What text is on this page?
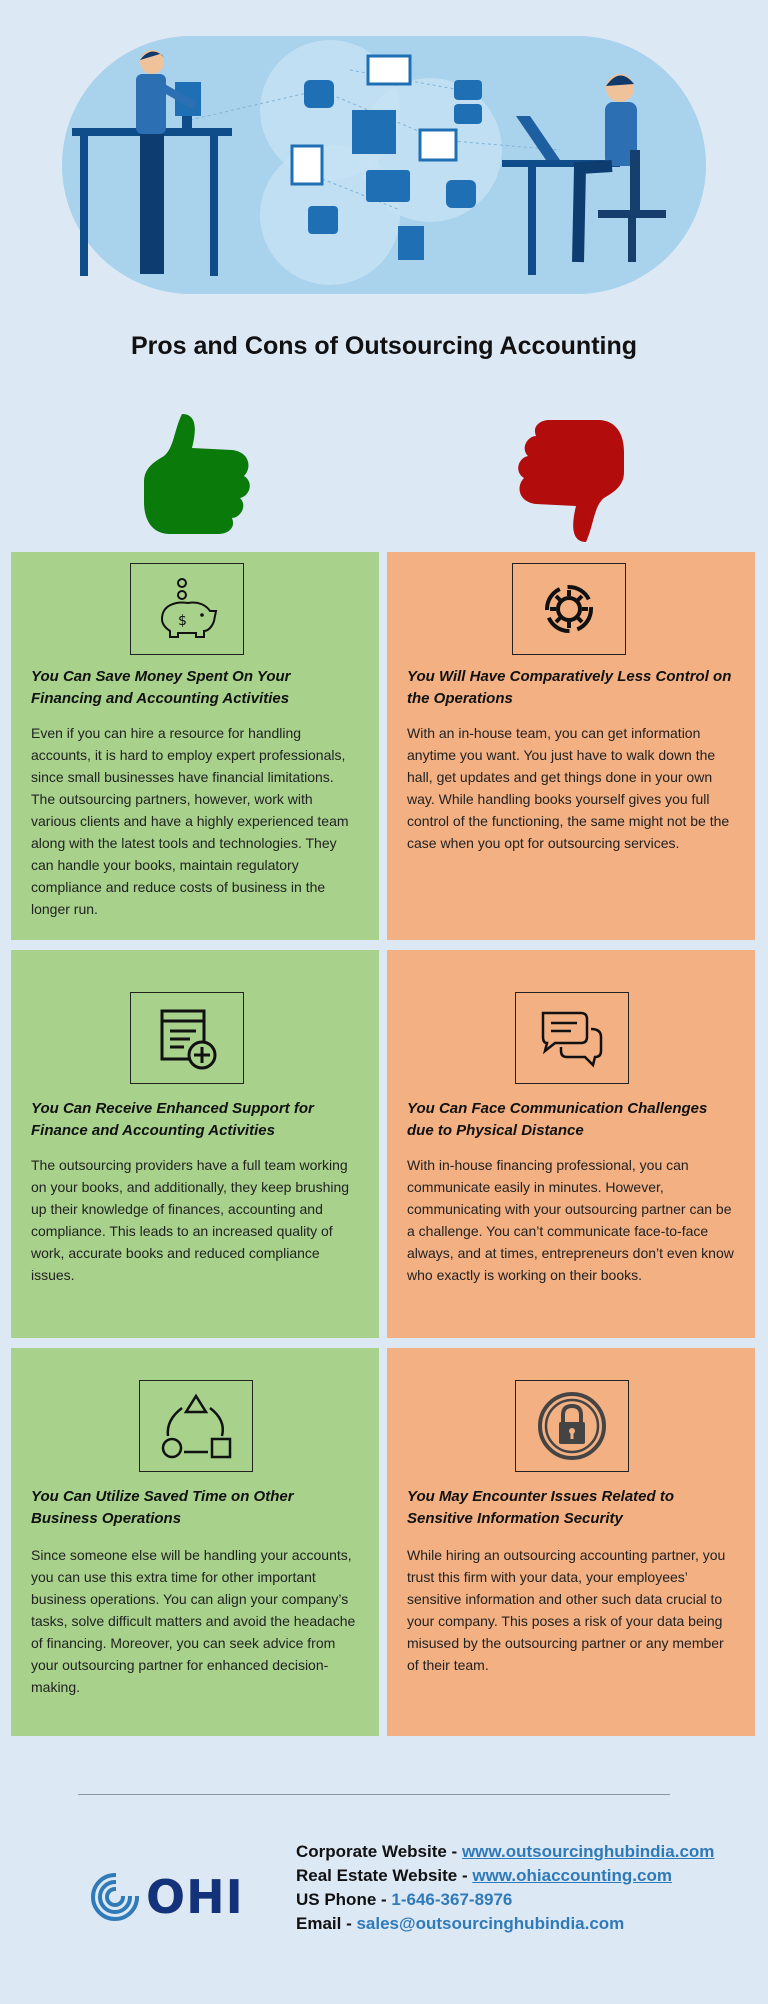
Pros and Cons of Outsourcing Accounting
$
You Can Save Money Spent On Your Financing and Accounting Activities

Even if you can hire a resource for handling accounts, it is hard to employ expert professionals, since small businesses have financial limitations. The outsourcing partners, however, work with various clients and have a highly experienced team along with the latest tools and technologies. They can handle your books, maintain regulatory compliance and reduce costs of business in the longer run.

You Will Have Comparatively Less Control on the Operations

With an in-house team, you can get information anytime you want. You just have to walk down the hall, get updates and get things done in your own way. While handling books yourself gives you full control of the functioning, the same might not be the case when you opt for outsourcing services.

You Can Receive Enhanced Support for Finance and Accounting Activities

The outsourcing providers have a full team working on your books, and additionally, they keep brushing up their knowledge of finances, accounting and compliance. This leads to an increased quality of work, accurate books and reduced compliance issues.

You Can Face Communication Challenges due to Physical Distance

With in-house financing professional, you can communicate easily in minutes. However, communicating with your outsourcing partner can be a challenge. You can’t communicate face-to-face always, and at times, entrepreneurs don’t even know who exactly is working on their books.

You Can Utilize Saved Time on Other Business Operations

Since someone else will be handling your accounts, you can use this extra time for other important business operations. You can align your company’s tasks, solve difficult matters and avoid the headache of financing. Moreover, you can seek advice from your outsourcing partner for enhanced decision-making.

You May Encounter Issues Related to Sensitive Information Security

While hiring an outsourcing accounting partner, you trust this firm with your data, your employees’ sensitive information and other such data crucial to your company. This poses a risk of your data being misused by the outsourcing partner or any member of their team.

OHI
Corporate Website - www.outsourcinghubindia.com
Real Estate Website - www.ohiaccounting.com
US Phone - 1-646-367-8976
Email - sales@outsourcinghubindia.com
